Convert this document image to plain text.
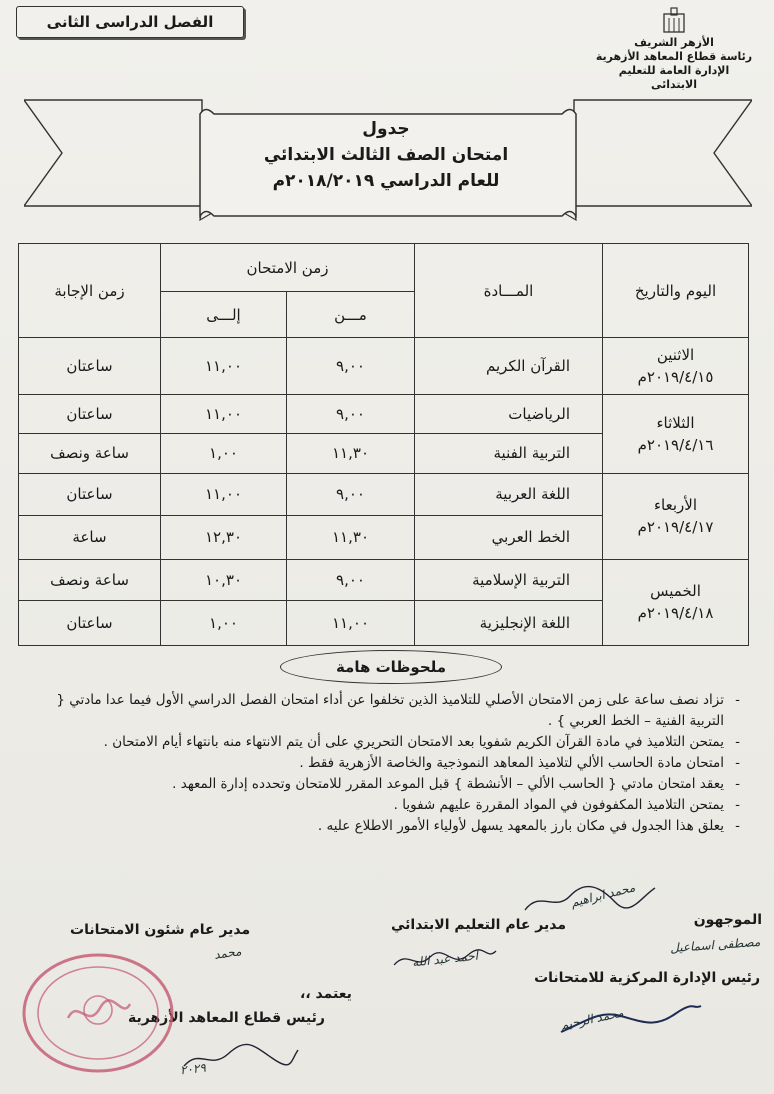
الفصل الدراسى الثانى
الأزهر الشريف
رئاسة قطاع المعاهد الأزهرية
الإدارة العامة للتعليم الابتدائى
جدول
امتحان الصف الثالث الابتدائي
للعام الدراسي ٢٠١٨/٢٠١٩م
اليوم والتاريخ	المـــادة	زمن الامتحان		زمن الإجابة
		مـــن	إلـــى	

الاثنين
٢٠١٩/٤/١٥م	القرآن الكريم	٩,٠٠	١١,٠٠	ساعتان

الثلاثاء
٢٠١٩/٤/١٦م	الرياضيات	٩,٠٠	١١,٠٠	ساعتان
	التربية الفنية	١١,٣٠	١,٠٠	ساعة ونصف

الأربعاء
٢٠١٩/٤/١٧م	اللغة العربية	٩,٠٠	١١,٠٠	ساعتان
	الخط العربي	١١,٣٠	١٢,٣٠	ساعة

الخميس
٢٠١٩/٤/١٨م	التربية الإسلامية	٩,٠٠	١٠,٣٠	ساعة ونصف
	اللغة الإنجليزية	١١,٠٠	١,٠٠	ساعتان
ملحوظات هامة
- تزاد نصف ساعة على زمن الامتحان الأصلي للتلاميذ الذين تخلفوا عن أداء امتحان الفصل الدراسي الأول فيما عدا مادتي { التربية الفنية – الخط العربي } .
- يمتحن التلاميذ في مادة القرآن الكريم شفويا بعد الامتحان التحريري على أن يتم الانتهاء منه بانتهاء أيام الامتحان .
- امتحان مادة الحاسب الألي لتلاميذ المعاهد النموذجية والخاصة الأزهرية فقط .
- يعقد امتحان مادتي { الحاسب الألي – الأنشطة } قبل الموعد المقرر للامتحان وتحدده إدارة المعهد .
- يمتحن التلاميذ المكفوفون في المواد المقررة عليهم شفويا .
- يعلق هذا الجدول في مكان بارز بالمعهد يسهل لأولياء الأمور الاطلاع عليه .
الموجهون
مدير عام التعليم الابتدائي
مدير عام شئون الامتحانات
رئيس الإدارة المركزية للامتحانات
يعتمد ،،
رئيس قطاع المعاهد الأزهرية
محمد ابراهيم
مصطفى اسماعيل
احمد عبد الله
محمد
محمد الرحيم
٢٠٢٩
